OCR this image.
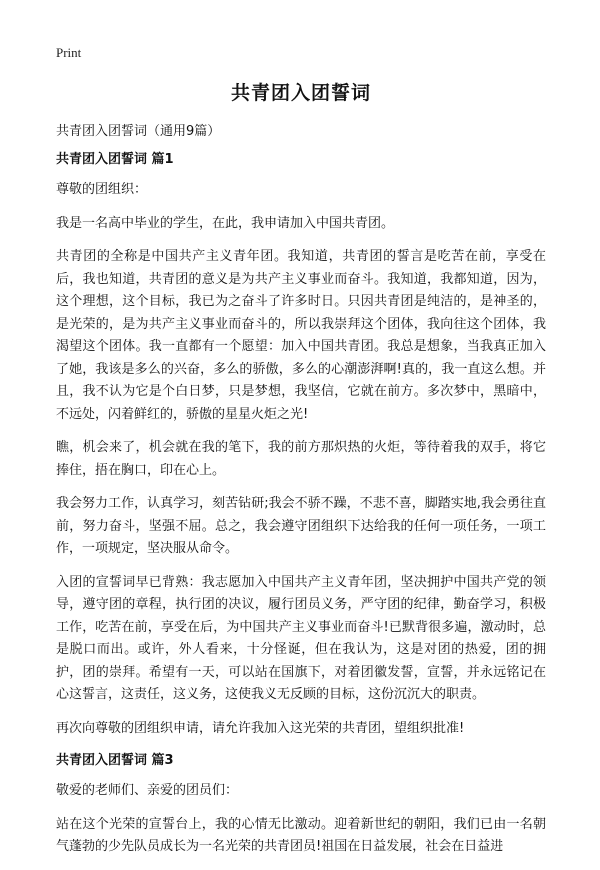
Print
共青团入团誓词
共青团入团誓词（通用9篇）
共青团入团誓词 篇1

尊敬的团组织：

我是一名高中毕业的学生，在此，我申请加入中国共青团。

共青团的全称是中国共产主义青年团。我知道，共青团的誓言是吃苦在前，享受在后，我也知道，共青团的意义是为共产主义事业而奋斗。我知道，我都知道，因为，这个理想，这个目标，我已为之奋斗了许多时日。只因共青团是纯洁的，是神圣的，是光荣的，是为共产主义事业而奋斗的，所以我崇拜这个团体，我向往这个团体，我渴望这个团体。我一直都有一个愿望：加入中国共青团。我总是想象，当我真正加入了她，我该是多么的兴奋，多么的骄傲，多么的心潮澎湃啊!真的，我一直这么想。并且，我不认为它是个白日梦，只是梦想，我坚信，它就在前方。多次梦中，黑暗中，不远处，闪着鲜红的，骄傲的星星火炬之光!

瞧，机会来了，机会就在我的笔下，我的前方那炽热的火炬，等待着我的双手，将它捧住，捂在胸口，印在心上。

我会努力工作，认真学习，刻苦钻研;我会不骄不躁，不悲不喜，脚踏实地,我会勇往直前，努力奋斗，坚强不屈。总之，我会遵守团组织下达给我的任何一项任务，一项工作，一项规定，坚决服从命令。

入团的宣誓词早已背熟：我志愿加入中国共产主义青年团，坚决拥护中国共产党的领导，遵守团的章程，执行团的决议，履行团员义务，严守团的纪律，勤奋学习，积极工作，吃苦在前，享受在后，为中国共产主义事业而奋斗!已默背很多遍，激动时，总是脱口而出。或许，外人看来，十分怪诞，但在我认为，这是对团的热爱，团的拥护，团的崇拜。希望有一天，可以站在国旗下，对着团徽发誓，宣誓，并永远铭记在心这誓言，这责任，这义务，这使我义无反顾的目标，这份沉沉大的职责。

再次向尊敬的团组织申请，请允许我加入这光荣的共青团，望组织批准!

共青团入团誓词 篇3

敬爱的老师们、亲爱的团员们：

站在这个光荣的宣誓台上，我的心情无比激动。迎着新世纪的朝阳，我们已由一名朝气蓬勃的少先队员成长为一名光荣的共青团员!祖国在日益发展，社会在日益进
